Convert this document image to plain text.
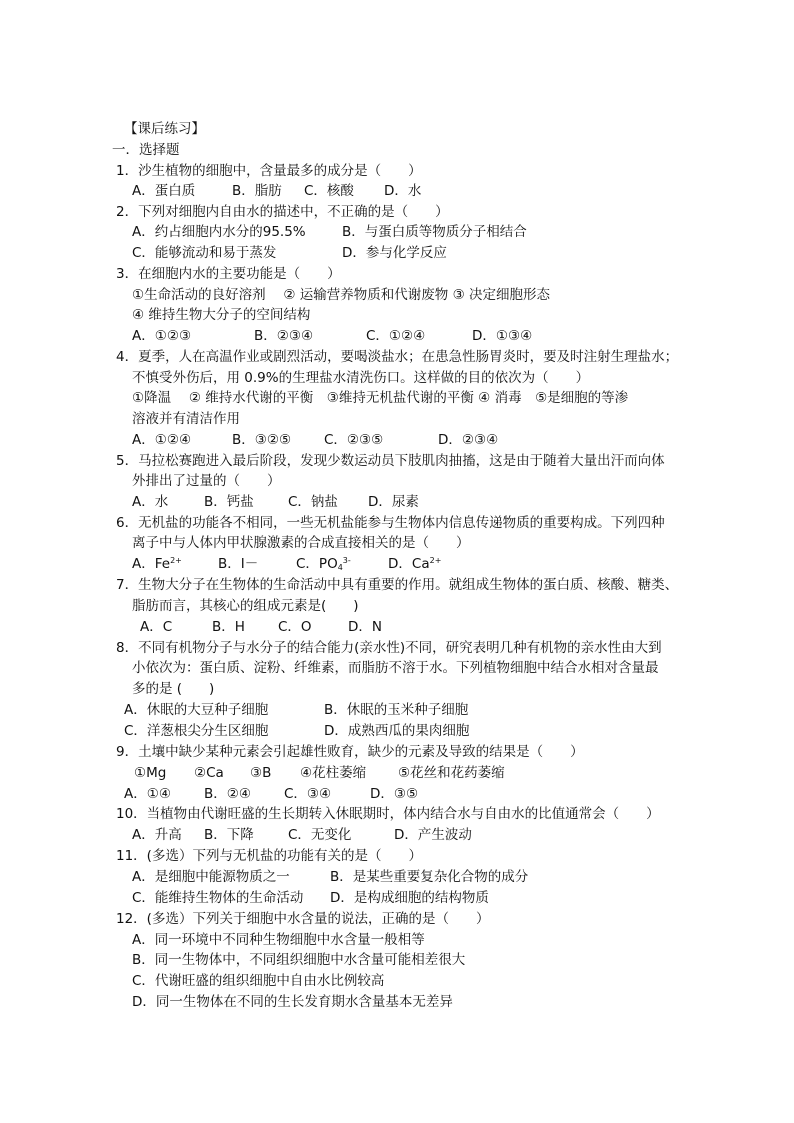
【课后练习】
一．选择题
1．沙生植物的细胞中，含量最多的成分是（　　）
A．蛋白质	B．脂肪 C．核酸 D．水
2．下列对细胞内自由水的描述中，不正确的是（　　）
A．约占细胞内水分的95.5%	B．与蛋白质等物质分子相结合
C．能够流动和易于蒸发	D．参与化学反应
3．在细胞内水的主要功能是（　　）
①生命活动的良好溶剂　 ② 运输营养物质和代谢废物 ③ 决定细胞形态
④ 维持生物大分子的空间结构
A．①②③	B．②③④	C．①②④	D．①③④
4．夏季，人在高温作业或剧烈活动，要喝淡盐水；在患急性肠胃炎时，要及时注射生理盐水；
不慎受外伤后，用 0.9%的生理盐水清洗伤口。这样做的目的依次为（　　）
①降温　 ② 维持水代谢的平衡　③维持无机盐代谢的平衡 ④ 消毒　⑤是细胞的等渗
溶液并有清洁作用
A．①②④	B．③②⑤ C．②③⑤	D．②③④
5．马拉松赛跑进入最后阶段，发现少数运动员下肢肌肉抽搐，这是由于随着大量出汗而向体
外排出了过量的（　　）
A．水	B．钙盐	C．钠盐 D．尿素
6．无机盐的功能各不相同，一些无机盐能参与生物体内信息传递物质的重要构成。下列四种
离子中与人体内甲状腺激素的合成直接相关的是（　　）
A．$Fe^{2+}$	B．I－	C．$PO_4^{3-}$	D．$Ca^{2+}$
7．生物大分子在生物体的生命活动中具有重要的作用。就组成生物体的蛋白质、核酸、糖类、
脂肪而言，其核心的组成元素是(　　)
A．C	B．H C．O	D．N
8．不同有机物分子与水分子的结合能力(亲水性)不同，研究表明几种有机物的亲水性由大到
小依次为：蛋白质、淀粉、纤维素，而脂肪不溶于水。下列植物细胞中结合水相对含量最
多的是 (　　)
A．休眠的大豆种子细胞	B．休眠的玉米种子细胞
C．洋葱根尖分生区细胞	D．成熟西瓜的果肉细胞
9．土壤中缺少某种元素会引起雄性败育，缺少的元素及导致的结果是（　　）
①Mg ②Ca ③B ④花柱萎缩 ⑤花丝和花药萎缩
A．①④ B．②④ C．③④	D．③⑤
10．当植物由代谢旺盛的生长期转入休眠期时，体内结合水与自由水的比值通常会（　　）
A．升高 B．下降	C．无变化	D．产生波动
11．(多选）下列与无机盐的功能有关的是（　　）
A．是细胞中能源物质之一	B．是某些重要复杂化合物的成分
C．能维持生物体的生命活动 D．是构成细胞的结构物质
12．(多选）下列关于细胞中水含量的说法，正确的是（　　）
A．同一环境中不同种生物细胞中水含量一般相等
B．同一生物体中，不同组织细胞中水含量可能相差很大
C．代谢旺盛的组织细胞中自由水比例较高
D．同一生物体在不同的生长发育期水含量基本无差异
